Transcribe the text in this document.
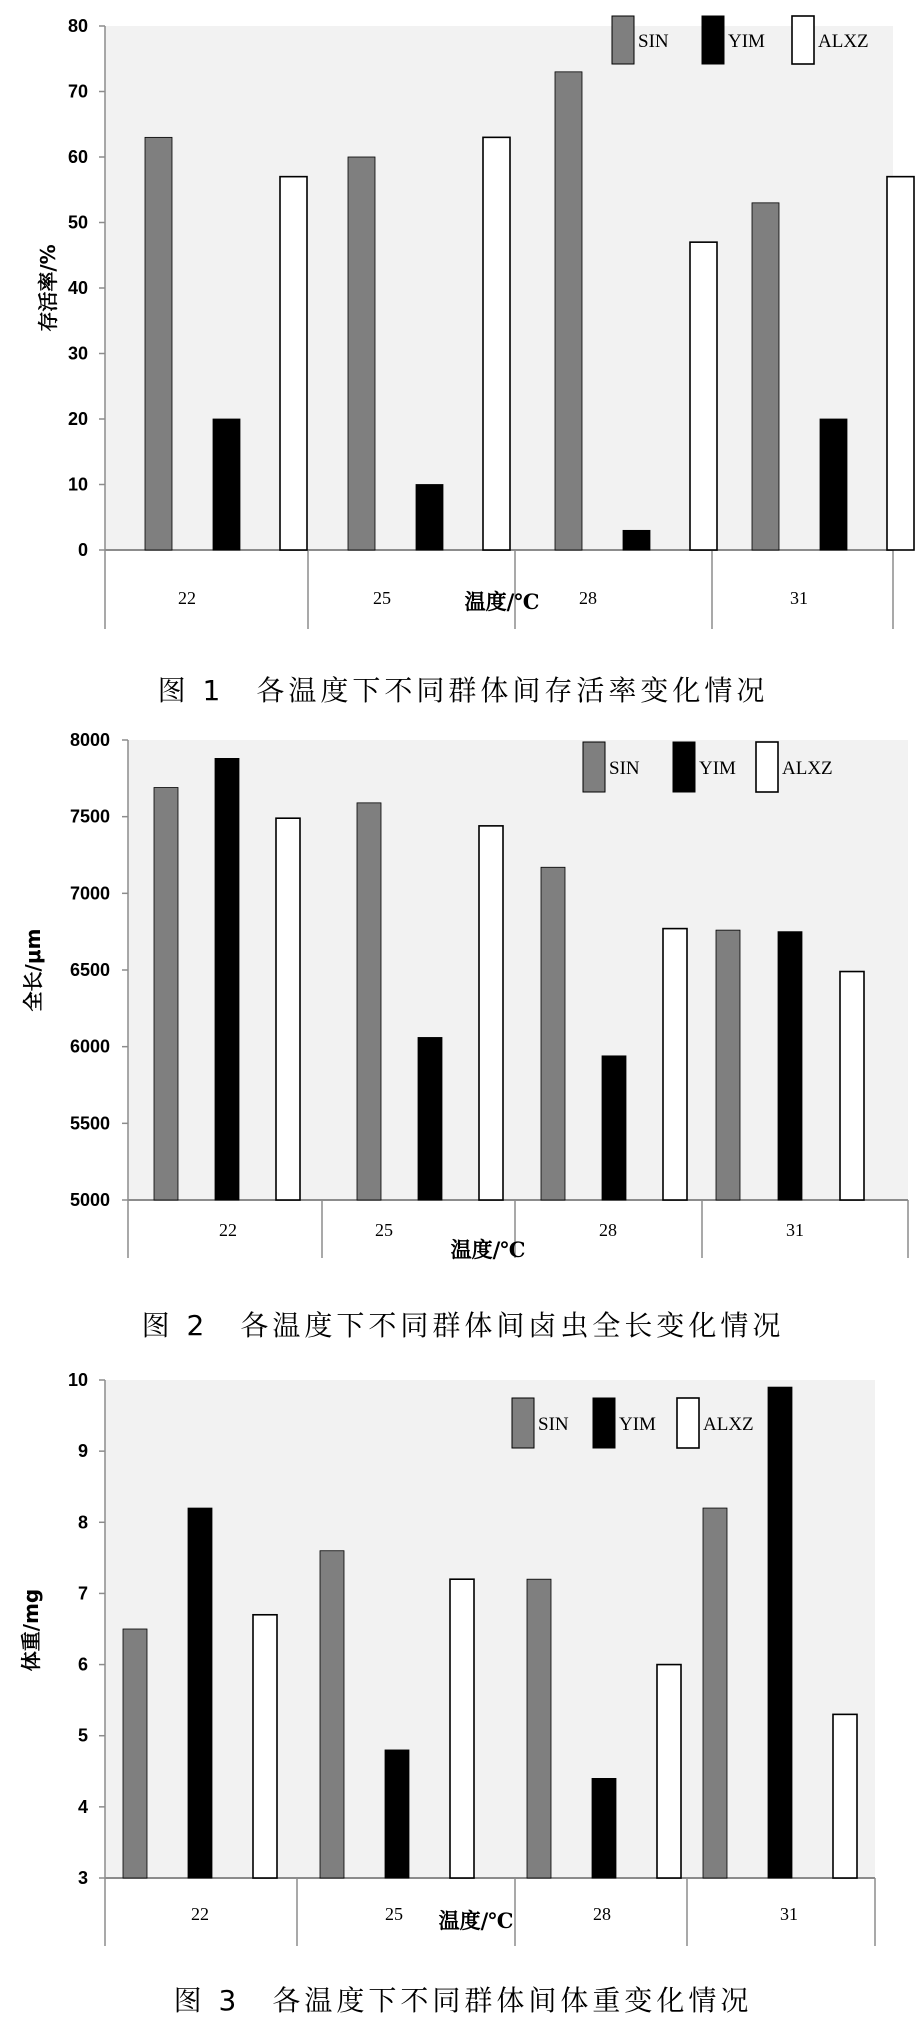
0
10
20
30
40
50
60
70
80
存活率/%
22	25	28	31
温度/℃
SIN	YIM	ALXZ
图 1　各温度下不同群体间存活率变化情况
5000
5500
6000
6500
7000
7500
8000
全长/μm
22	25	28	31
温度/℃
SIN	YIM ALXZ
图 2　各温度下不同群体间卤虫全长变化情况
3
4
5
6
7
8
9
10
体重/mg
22	25	28	31
温度/℃
SIN	YIM ALXZ
图 3　各温度下不同群体间体重变化情况
